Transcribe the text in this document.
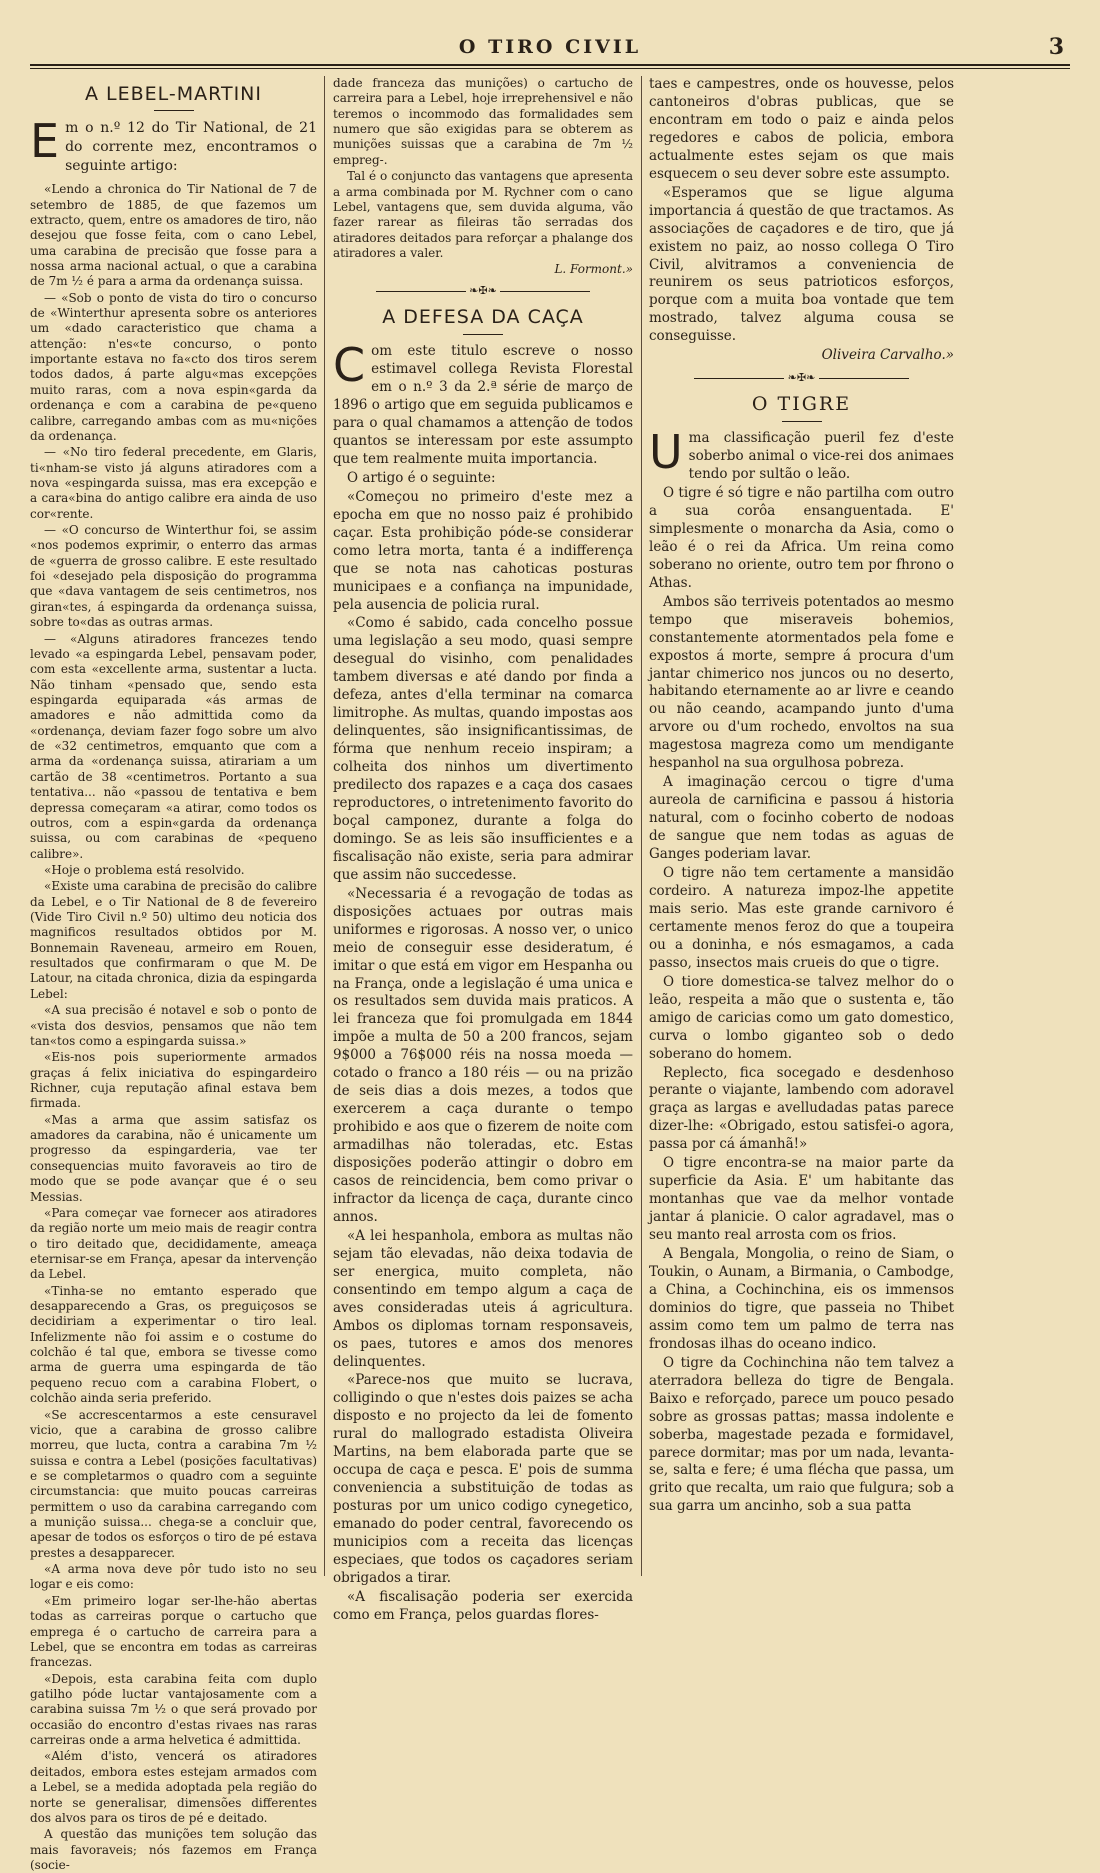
O TIRO CIVIL	3
A LEBEL-MARTINI

E m o n.º 12 do Tir National, de 21 do corrente mez, encontramos o seguinte artigo:

«Lendo a chronica do Tir National de 7 de setembro de 1885, de que fazemos um extracto, quem, entre os amadores de tiro, não desejou que fosse feita, com o cano Lebel, uma carabina de precisão que fosse para a nossa arma nacional actual, o que a carabina de 7m ½ é para a arma da ordenança suissa.

— «Sob o ponto de vista do tiro o concurso de «Winterthur apresenta sobre os anteriores um «dado caracteristico que chama a attenção: n'es«te concurso, o ponto importante estava no fa«cto dos tiros serem todos dados, á parte algu«mas excepções muito raras, com a nova espin«garda da ordenança e com a carabina de pe«queno calibre, carregando ambas com as mu«nições da ordenança.

— «No tiro federal precedente, em Glaris, ti«nham-se visto já alguns atiradores com a nova «espingarda suissa, mas era excepção e a cara«bina do antigo calibre era ainda de uso cor«rente.

— «O concurso de Winterthur foi, se assim «nos podemos exprimir, o enterro das armas de «guerra de grosso calibre. E este resultado foi «desejado pela disposição do programma que «dava vantagem de seis centimetros, nos giran«tes, á espingarda da ordenança suissa, sobre to«das as outras armas.

— «Alguns atiradores francezes tendo levado «a espingarda Lebel, pensavam poder, com esta «excellente arma, sustentar a lucta. Não tinham «pensado que, sendo esta espingarda equiparada «ás armas de amadores e não admittida como da «ordenança, deviam fazer fogo sobre um alvo de «32 centimetros, emquanto que com a arma da «ordenança suissa, atirariam a um cartão de 38 «centimetros. Portanto a sua tentativa... não «passou de tentativa e bem depressa começaram «a atirar, como todos os outros, com a espin«garda da ordenança suissa, ou com carabinas de «pequeno calibre».

«Hoje o problema está resolvido.

«Existe uma carabina de precisão do calibre da Lebel, e o Tir National de 8 de fevereiro (Vide Tiro Civil n.º 50) ultimo deu noticia dos magnificos resultados obtidos por M. Bonnemain Raveneau, armeiro em Rouen, resultados que confirmaram o que M. De Latour, na citada chronica, dizia da espingarda Lebel:

«A sua precisão é notavel e sob o ponto de «vista dos desvios, pensamos que não tem tan«tos como a espingarda suissa.»

«Eis-nos pois superiormente armados graças á felix iniciativa do espingardeiro Richner, cuja reputação afinal estava bem firmada.

«Mas a arma que assim satisfaz os amadores da carabina, não é unicamente um progresso da espingarderia, vae ter consequencias muito favoraveis ao tiro de modo que se pode avançar que é o seu Messias.

«Para começar vae fornecer aos atiradores da região norte um meio mais de reagir contra o tiro deitado que, decididamente, ameaça eternisar-se em França, apesar da intervenção da Lebel.

«Tinha-se no emtanto esperado que desapparecendo a Gras, os preguiçosos se decidiriam a experimentar o tiro leal. Infelizmente não foi assim e o costume do colchão é tal que, embora se tivesse como arma de guerra uma espingarda de tão pequeno recuo com a carabina Flobert, o colchão ainda seria preferido.

«Se accrescentarmos a este censuravel vicio, que a carabina de grosso calibre morreu, que lucta, contra a carabina 7m ½ suissa e contra a Lebel (posições facultativas) e se completarmos o quadro com a seguinte circumstancia: que muito poucas carreiras permittem o uso da carabina carregando com a munição suissa... chega-se a concluir que, apesar de todos os esforços o tiro de pé estava prestes a desapparecer.

«A arma nova deve pôr tudo isto no seu logar e eis como:

«Em primeiro logar ser-lhe-hão abertas todas as carreiras porque o cartucho que emprega é o cartucho de carreira para a Lebel, que se encontra em todas as carreiras francezas.

«Depois, esta carabina feita com duplo gatilho póde luctar vantajosamente com a carabina suissa 7m ½ o que será provado por occasião do encontro d'estas rivaes nas raras carreiras onde a arma helvetica é admittida.

«Além d'isto, vencerá os atiradores deitados, embora estes estejam armados com a Lebel, se a medida adoptada pela região do norte se generalisar, dimensões differentes dos alvos para os tiros de pé e deitado.

A questão das munições tem solução das mais favoraveis; nós fazemos em França (socie-

dade franceza das munições) o cartucho de carreira para a Lebel, hoje irreprehensivel e não teremos o incommodo das formalidades sem numero que são exigidas para se obterem as munições suissas que a carabina de 7m ½ empreg-.

Tal é o conjuncto das vantagens que apresenta a arma combinada por M. Rychner com o cano Lebel, vantagens que, sem duvida alguma, vão fazer rarear as fileiras tão serradas dos atiradores deitados para reforçar a phalange dos atiradores a valer.

L. Formont.»

❧✠❧
A DEFESA DA CAÇA

C om este titulo escreve o nosso estimavel collega Revista Florestal em o n.º 3 da 2.ª série de março de 1896 o artigo que em seguida publicamos e para o qual chamamos a attenção de todos quantos se interessam por este assumpto que tem realmente muita importancia.

O artigo é o seguinte:

«Começou no primeiro d'este mez a epocha em que no nosso paiz é prohibido caçar. Esta prohibição póde-se considerar como letra morta, tanta é a indifferença que se nota nas cahoticas posturas municipaes e a confiança na impunidade, pela ausencia de policia rural.

«Como é sabido, cada concelho possue uma legislação a seu modo, quasi sempre desegual do visinho, com penalidades tambem diversas e até dando por finda a defeza, antes d'ella terminar na comarca limitrophe. As multas, quando impostas aos delinquentes, são insignificantissimas, de fórma que nenhum receio inspiram; a colheita dos ninhos um divertimento predilecto dos rapazes e a caça dos casaes reproductores, o intretenimento favorito do boçal camponez, durante a folga do domingo. Se as leis são insufficientes e a fiscalisação não existe, seria para admirar que assim não succedesse.

«Necessaria é a revogação de todas as disposições actuaes por outras mais uniformes e rigorosas. A nosso ver, o unico meio de conseguir esse desideratum, é imitar o que está em vigor em Hespanha ou na França, onde a legislação é uma unica e os resultados sem duvida mais praticos. A lei franceza que foi promulgada em 1844 impõe a multa de 50 a 200 francos, sejam 9$000 a 76$000 réis na nossa moeda — cotado o franco a 180 réis — ou na prizão de seis dias a dois mezes, a todos que exercerem a caça durante o tempo prohibido e aos que o fizerem de noite com armadilhas não toleradas, etc. Estas disposições poderão attingir o dobro em casos de reincidencia, bem como privar o infractor da licença de caça, durante cinco annos.

«A lei hespanhola, embora as multas não sejam tão elevadas, não deixa todavia de ser energica, muito completa, não consentindo em tempo algum a caça de aves consideradas uteis á agricultura. Ambos os diplomas tornam responsaveis, os paes, tutores e amos dos menores delinquentes.

«Parece-nos que muito se lucrava, colligindo o que n'estes dois paizes se acha disposto e no projecto da lei de fomento rural do mallogrado estadista Oliveira Martins, na bem elaborada parte que se occupa de caça e pesca. E' pois de summa conveniencia a substituição de todas as posturas por um unico codigo cynegetico, emanado do poder central, favorecendo os municipios com a receita das licenças especiaes, que todos os caçadores seriam obrigados a tirar.

«A fiscalisação poderia ser exercida como em França, pelos guardas flores-

taes e campestres, onde os houvesse, pelos cantoneiros d'obras publicas, que se encontram em todo o paiz e ainda pelos regedores e cabos de policia, embora actualmente estes sejam os que mais esquecem o seu dever sobre este assumpto.

«Esperamos que se ligue alguma importancia á questão de que tractamos. As associações de caçadores e de tiro, que já existem no paiz, ao nosso collega O Tiro Civil, alvitramos a conveniencia de reunirem os seus patrioticos esforços, porque com a muita boa vontade que tem mostrado, talvez alguma cousa se conseguisse.

Oliveira Carvalho.»

❧✠❧
O TIGRE

U ma classificação pueril fez d'este soberbo animal o vice-rei dos animaes tendo por sultão o leão.

O tigre é só tigre e não partilha com outro a sua corôa ensanguentada. E' simplesmente o monarcha da Asia, como o leão é o rei da Africa. Um reina como soberano no oriente, outro tem por fhrono o Athas.

Ambos são terriveis potentados ao mesmo tempo que miseraveis bohemios, constantemente atormentados pela fome e expostos á morte, sempre á procura d'um jantar chimerico nos juncos ou no deserto, habitando eternamente ao ar livre e ceando ou não ceando, acampando junto d'uma arvore ou d'um rochedo, envoltos na sua magestosa magreza como um mendigante hespanhol na sua orgulhosa pobreza.

A imaginação cercou o tigre d'uma aureola de carnificina e passou á historia natural, com o focinho coberto de nodoas de sangue que nem todas as aguas de Ganges poderiam lavar.

O tigre não tem certamente a mansidão cordeiro. A natureza impoz-lhe appetite mais serio. Mas este grande carnivoro é certamente menos feroz do que a toupeira ou a doninha, e nós esmagamos, a cada passo, insectos mais crueis do que o tigre.

O tiore domestica-se talvez melhor do o leão, respeita a mão que o sustenta e, tão amigo de caricias como um gato domestico, curva o lombo giganteo sob o dedo soberano do homem.

Replecto, fica socegado e desdenhoso perante o viajante, lambendo com adoravel graça as largas e avelludadas patas parece dizer-lhe: «Obrigado, estou satisfei-o agora, passa por cá ámanhã!»

O tigre encontra-se na maior parte da superficie da Asia. E' um habitante das montanhas que vae da melhor vontade jantar á planicie. O calor agradavel, mas o seu manto real arrosta com os frios.

A Bengala, Mongolia, o reino de Siam, o Toukin, o Aunam, a Birmania, o Cambodge, a China, a Cochinchina, eis os immensos dominios do tigre, que passeia no Thibet assim como tem um palmo de terra nas frondosas ilhas do oceano indico.

O tigre da Cochinchina não tem talvez a aterradora belleza do tigre de Bengala. Baixo e reforçado, parece um pouco pesado sobre as grossas pattas; massa indolente e soberba, magestade pezada e formidavel, parece dormitar; mas por um nada, levanta-se, salta e fere; é uma flécha que passa, um grito que recalta, um raio que fulgura; sob a sua garra um ancinho, sob a sua patta
